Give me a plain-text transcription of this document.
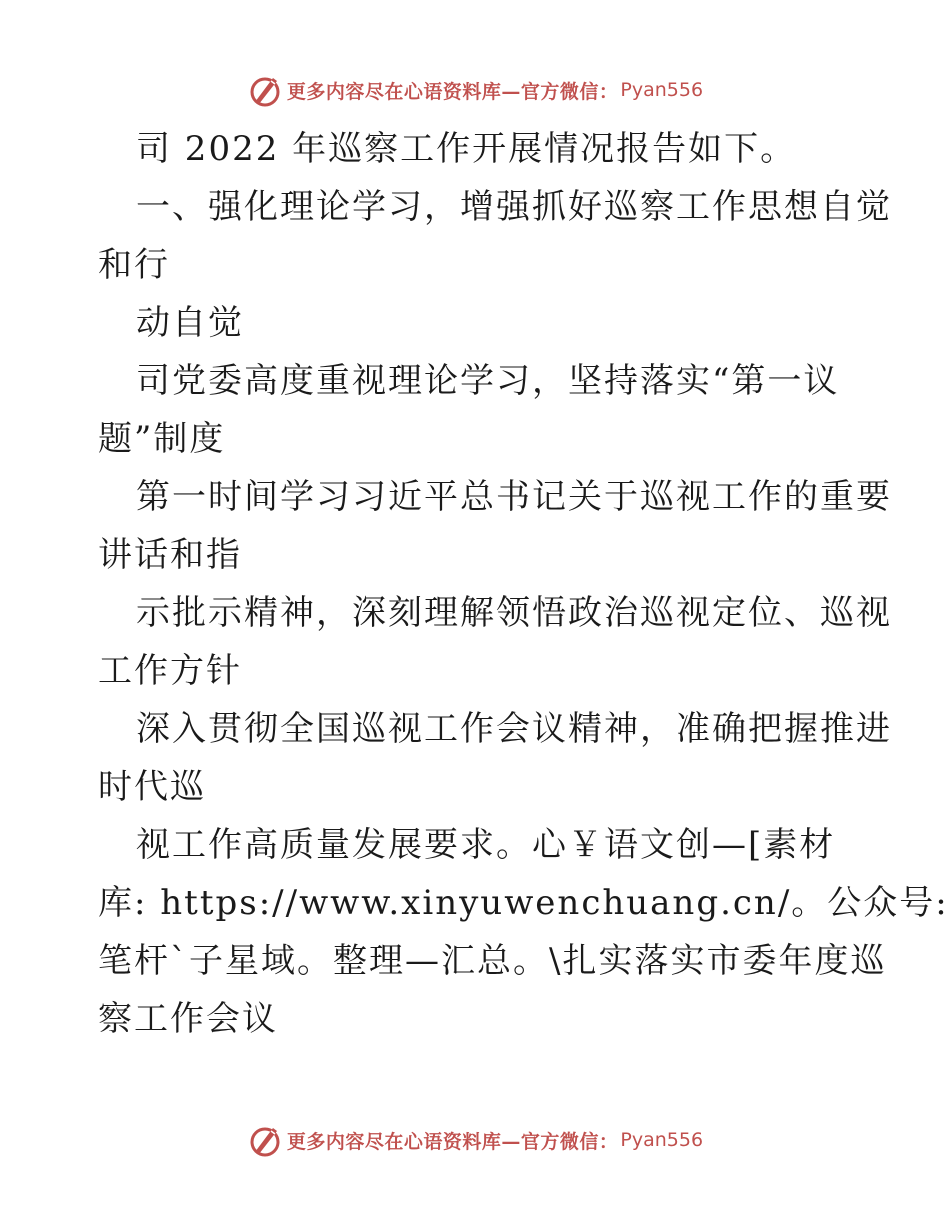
更多内容尽在心语资料库—官方微信： Pyan556
司 2022 年巡察工作开展情况报告如下。
一、强化理论学习，增强抓好巡察工作思想自觉
和行
动自觉
司党委高度重视理论学习，坚持落实“第一议
题”制度
第一时间学习习近平总书记关于巡视工作的重要
讲话和指
示批示精神，深刻理解领悟政治巡视定位、巡视
工作方针
深入贯彻全国巡视工作会议精神，准确把握推进
时代巡
视工作高质量发展要求。心￥语文创—[素材
库: https://www.xinyuwenchuang.cn/。公众号:
笔杆`子星域。整理—汇总。\扎实落实市委年度巡
察工作会议
更多内容尽在心语资料库—官方微信： Pyan556
